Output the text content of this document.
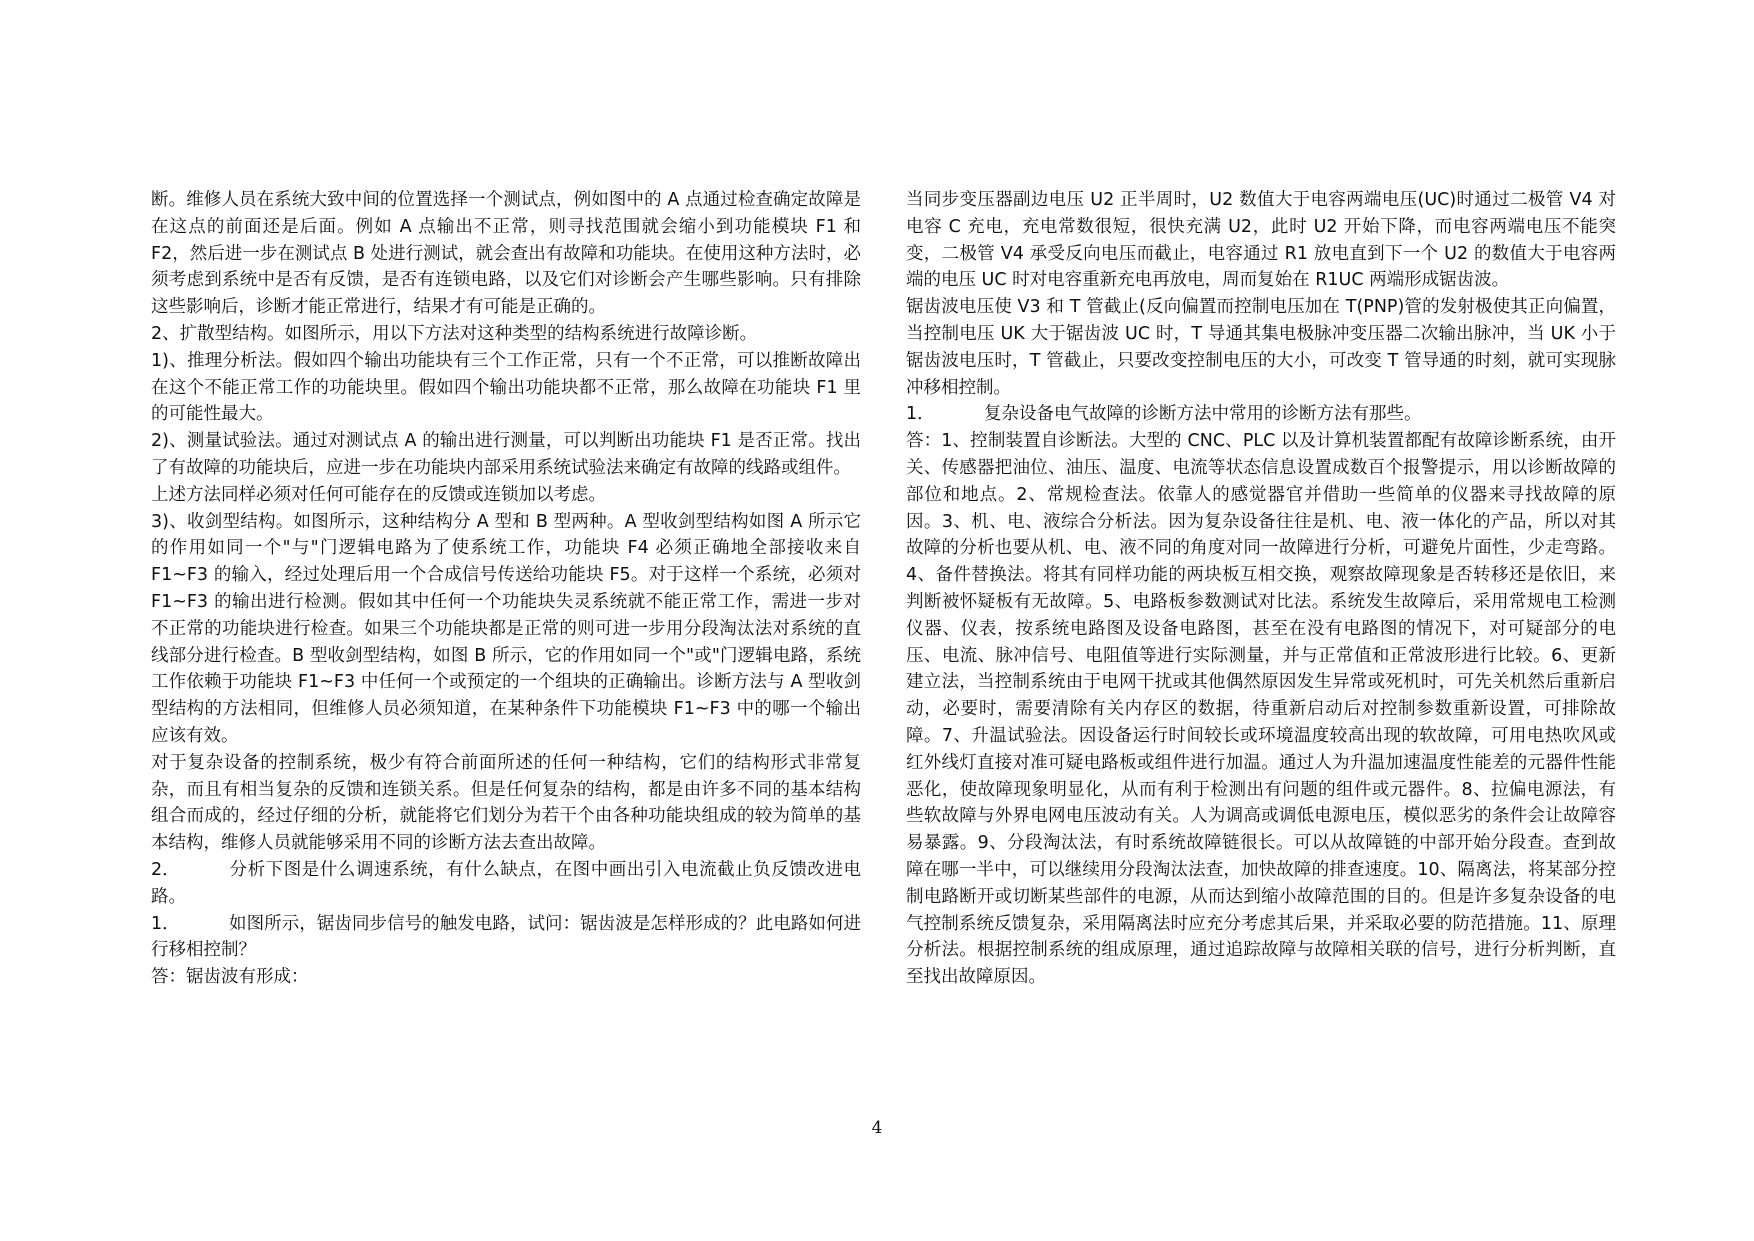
断。维修人员在系统大致中间的位置选择一个测试点，例如图中的 A 点通过检查确定故障是在这点的前面还是后面。例如 A 点输出不正常，则寻找范围就会缩小到功能模块 F1 和 F2，然后进一步在测试点 B 处进行测试，就会查出有故障和功能块。在使用这种方法时，必须考虑到系统中是否有反馈，是否有连锁电路，以及它们对诊断会产生哪些影响。只有排除这些影响后，诊断才能正常进行，结果才有可能是正确的。

2、扩散型结构。如图所示，用以下方法对这种类型的结构系统进行故障诊断。

1)、推理分析法。假如四个输出功能块有三个工作正常，只有一个不正常，可以推断故障出在这个不能正常工作的功能块里。假如四个输出功能块都不正常，那么故障在功能块 F1 里的可能性最大。

2)、测量试验法。通过对测试点 A 的输出进行测量，可以判断出功能块 F1 是否正常。找出了有故障的功能块后，应进一步在功能块内部采用系统试验法来确定有故障的线路或组件。

上述方法同样必须对任何可能存在的反馈或连锁加以考虑。

3)、收剑型结构。如图所示，这种结构分 A 型和 B 型两种。A 型收剑型结构如图 A 所示它的作用如同一个"与"门逻辑电路为了使系统工作，功能块 F4 必须正确地全部接收来自 F1~F3 的输入，经过处理后用一个合成信号传送给功能块 F5。对于这样一个系统，必须对 F1~F3 的输出进行检测。假如其中任何一个功能块失灵系统就不能正常工作，需进一步对不正常的功能块进行检查。如果三个功能块都是正常的则可进一步用分段淘汰法对系统的直线部分进行检查。B 型收剑型结构，如图 B 所示，它的作用如同一个"或"门逻辑电路，系统工作依赖于功能块 F1~F3 中任何一个或预定的一个组块的正确输出。诊断方法与 A 型收剑型结构的方法相同，但维修人员必须知道，在某种条件下功能模块 F1~F3 中的哪一个输出应该有效。

对于复杂设备的控制系统，极少有符合前面所述的任何一种结构，它们的结构形式非常复杂，而且有相当复杂的反馈和连锁关系。但是任何复杂的结构，都是由许多不同的基本结构组合而成的，经过仔细的分析，就能将它们划分为若干个由各种功能块组成的较为简单的基本结构，维修人员就能够采用不同的诊断方法去查出故障。

2．	分析下图是什么调速系统，有什么缺点，在图中画出引入电流截止负反馈改进电路。

1．	如图所示，锯齿同步信号的触发电路，试问：锯齿波是怎样形成的？此电路如何进行移相控制？

答：锯齿波有形成：

当同步变压器副边电压 U2 正半周时，U2 数值大于电容两端电压(UC)时通过二极管 V4 对电容 C 充电，充电常数很短，很快充满 U2，此时 U2 开始下降，而电容两端电压不能突变，二极管 V4 承受反向电压而截止，电容通过 R1 放电直到下一个 U2 的数值大于电容两端的电压 UC 时对电容重新充电再放电，周而复始在 R1UC 两端形成锯齿波。

锯齿波电压使 V3 和 T 管截止(反向偏置而控制电压加在 T(PNP)管的发射极使其正向偏置，当控制电压 UK 大于锯齿波 UC 时，T 导通其集电极脉冲变压器二次输出脉冲，当 UK 小于锯齿波电压时，T 管截止，只要改变控制电压的大小，可改变 T 管导通的时刻，就可实现脉冲移相控制。

1．	复杂设备电气故障的诊断方法中常用的诊断方法有那些。

答：1、控制装置自诊断法。大型的 CNC、PLC 以及计算机装置都配有故障诊断系统，由开关、传感器把油位、油压、温度、电流等状态信息设置成数百个报警提示，用以诊断故障的部位和地点。2、常规检查法。依靠人的感觉器官并借助一些简单的仪器来寻找故障的原因。3、机、电、液综合分析法。因为复杂设备往往是机、电、液一体化的产品，所以对其故障的分析也要从机、电、液不同的角度对同一故障进行分析，可避免片面性，少走弯路。4、备件替换法。将其有同样功能的两块板互相交换，观察故障现象是否转移还是依旧，来判断被怀疑板有无故障。5、电路板参数测试对比法。系统发生故障后，采用常规电工检测仪器、仪表，按系统电路图及设备电路图，甚至在没有电路图的情况下，对可疑部分的电压、电流、脉冲信号、电阻值等进行实际测量，并与正常值和正常波形进行比较。6、更新建立法，当控制系统由于电网干扰或其他偶然原因发生异常或死机时，可先关机然后重新启动，必要时，需要清除有关内存区的数据，待重新启动后对控制参数重新设置，可排除故障。7、升温试验法。因设备运行时间较长或环境温度较高出现的软故障，可用电热吹风或红外线灯直接对准可疑电路板或组件进行加温。通过人为升温加速温度性能差的元器件性能恶化，使故障现象明显化，从而有利于检测出有问题的组件或元器件。8、拉偏电源法，有些软故障与外界电网电压波动有关。人为调高或调低电源电压，模似恶劣的条件会让故障容易暴露。9、分段淘汰法，有时系统故障链很长。可以从故障链的中部开始分段查。查到故障在哪一半中，可以继续用分段淘汰法查，加快故障的排查速度。10、隔离法，将某部分控制电路断开或切断某些部件的电源，从而达到缩小故障范围的目的。但是许多复杂设备的电气控制系统反馈复杂，采用隔离法时应充分考虑其后果，并采取必要的防范措施。11、原理分析法。根据控制系统的组成原理，通过追踪故障与故障相关联的信号，进行分析判断，直至找出故障原因。

4
